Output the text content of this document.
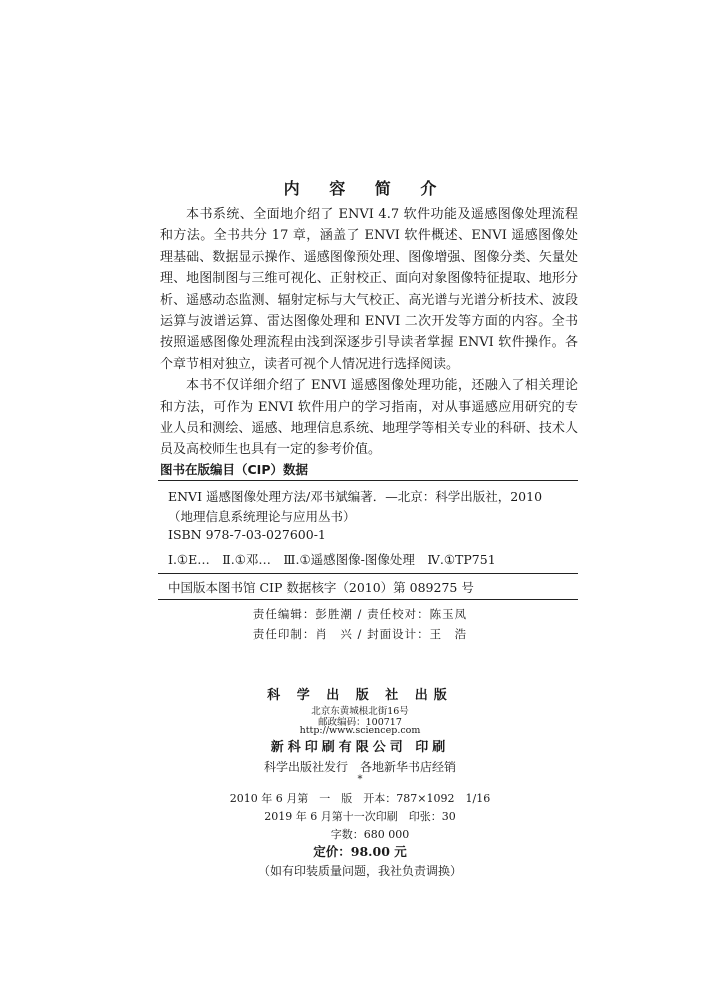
内 容 简 介

本书系统、全面地介绍了 ENVI 4.7 软件功能及遥感图像处理流程和方法。全书共分 17 章，涵盖了 ENVI 软件概述、ENVI 遥感图像处理基础、数据显示操作、遥感图像预处理、图像增强、图像分类、矢量处理、地图制图与三维可视化、正射校正、面向对象图像特征提取、地形分析、遥感动态监测、辐射定标与大气校正、高光谱与光谱分析技术、波段运算与波谱运算、雷达图像处理和 ENVI 二次开发等方面的内容。全书按照遥感图像处理流程由浅到深逐步引导读者掌握 ENVI 软件操作。各个章节相对独立，读者可视个人情况进行选择阅读。

本书不仅详细介绍了 ENVI 遥感图像处理功能，还融入了相关理论和方法，可作为 ENVI 软件用户的学习指南，对从事遥感应用研究的专业人员和测绘、遥感、地理信息系统、地理学等相关专业的科研、技术人员及高校师生也具有一定的参考价值。

图书在版编目（CIP）数据
ENVI 遥感图像处理方法/邓书斌编著．—北京：科学出版社，2010
（地理信息系统理论与应用丛书）
ISBN 978-7-03-027600-1
Ⅰ.①E…　Ⅱ.①邓…　Ⅲ.①遥感图像-图像处理　Ⅳ.①TP751
中国版本图书馆 CIP 数据核字（2010）第 089275 号
责任编辑：彭胜潮 / 责任校对：陈玉凤
责任印制：肖　兴 / 封面设计：王　浩
科 学 出 版 社 出版
北京东黄城根北街16号
邮政编码：100717
http://www.sciencep.com
新科印刷有限公司 印刷
科学出版社发行　各地新华书店经销
*
2010 年 6 月第　一　版　开本：787×1092　1/16
2019 年 6 月第十一次印刷　印张：30
字数：680 000
定价：98.00 元
（如有印装质量问题，我社负责调换）
